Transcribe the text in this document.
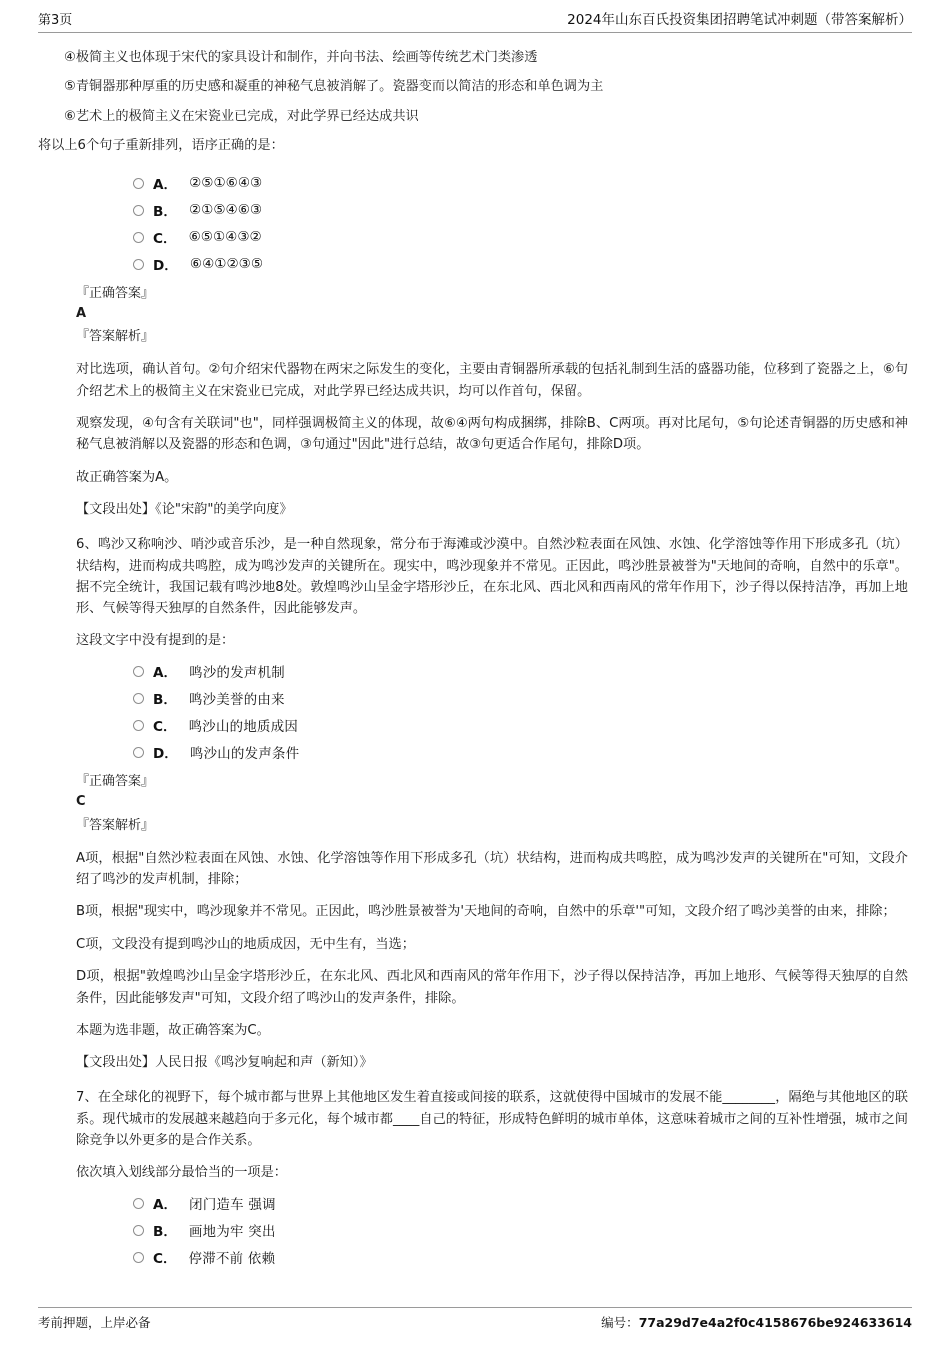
第3页	2024年山东百氏投资集团招聘笔试冲刺题（带答案解析）

④极简主义也体现于宋代的家具设计和制作，并向书法、绘画等传统艺术门类渗透

⑤青铜器那种厚重的历史感和凝重的神秘气息被消解了。瓷器变而以简洁的形态和单色调为主

⑥艺术上的极简主义在宋瓷业已完成，对此学界已经达成共识

将以上6个句子重新排列，语序正确的是：

A． ②⑤①⑥④③
B． ②①⑤④⑥③
C． ⑥⑤①④③②
D． ⑥④①②③⑤

『正确答案』

A

『答案解析』

对比选项，确认首句。②句介绍宋代器物在两宋之际发生的变化，主要由青铜器所承载的包括礼制到生活的盛器功能，位移到了瓷器之上，⑥句介绍艺术上的极简主义在宋瓷业已完成，对此学界已经达成共识，均可以作首句，保留。

观察发现，④句含有关联词"也"，同样强调极简主义的体现，故⑥④两句构成捆绑，排除B、C两项。再对比尾句，⑤句论述青铜器的历史感和神秘气息被消解以及瓷器的形态和色调，③句通过"因此"进行总结，故③句更适合作尾句，排除D项。

故正确答案为A。

【文段出处】《论"宋韵"的美学向度》

6、鸣沙又称响沙、哨沙或音乐沙，是一种自然现象，常分布于海滩或沙漠中。自然沙粒表面在风蚀、水蚀、化学溶蚀等作用下形成多孔（坑）状结构，进而构成共鸣腔，成为鸣沙发声的关键所在。现实中，鸣沙现象并不常见。正因此，鸣沙胜景被誉为"天地间的奇响，自然中的乐章"。据不完全统计，我国记载有鸣沙地8处。敦煌鸣沙山呈金字塔形沙丘，在东北风、西北风和西南风的常年作用下，沙子得以保持洁净，再加上地形、气候等得天独厚的自然条件，因此能够发声。

这段文字中没有提到的是：

A． 鸣沙的发声机制
B． 鸣沙美誉的由来
C． 鸣沙山的地质成因
D． 鸣沙山的发声条件

『正确答案』

C

『答案解析』

A项，根据"自然沙粒表面在风蚀、水蚀、化学溶蚀等作用下形成多孔（坑）状结构，进而构成共鸣腔，成为鸣沙发声的关键所在"可知，文段介绍了鸣沙的发声机制，排除；

B项，根据"现实中，鸣沙现象并不常见。正因此，鸣沙胜景被誉为'天地间的奇响，自然中的乐章'"可知，文段介绍了鸣沙美誉的由来，排除；

C项，文段没有提到鸣沙山的地质成因，无中生有，当选；

D项，根据"敦煌鸣沙山呈金字塔形沙丘，在东北风、西北风和西南风的常年作用下，沙子得以保持洁净，再加上地形、气候等得天独厚的自然条件，因此能够发声"可知，文段介绍了鸣沙山的发声条件，排除。

本题为选非题，故正确答案为C。

【文段出处】人民日报《鸣沙复响起和声（新知）》

7、在全球化的视野下，每个城市都与世界上其他地区发生着直接或间接的联系，这就使得中国城市的发展不能________，隔绝与其他地区的联系。现代城市的发展越来越趋向于多元化，每个城市都____自己的特征，形成特色鲜明的城市单体，这意味着城市之间的互补性增强，城市之间除竞争以外更多的是合作关系。

依次填入划线部分最恰当的一项是：

A． 闭门造车 强调
B． 画地为牢 突出
C． 停滞不前 依赖
考前押题，上岸必备	编号：77a29d7e4a2f0c4158676be924633614
